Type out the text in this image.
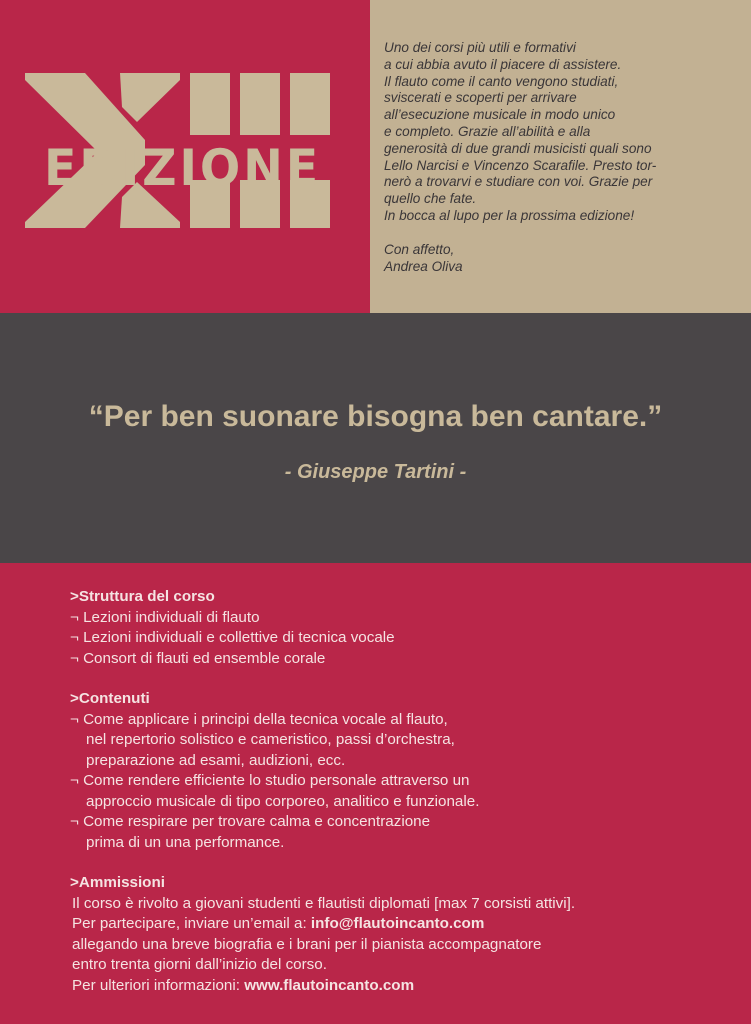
EDIZIONE
Uno dei corsi più utili e formativi
a cui abbia avuto il piacere di assistere.
Il flauto come il canto vengono studiati,
sviscerati e scoperti per arrivare
all’esecuzione musicale in modo unico
e completo. Grazie all’abilità e alla
generosità di due grandi musicisti quali sono
Lello Narcisi e Vincenzo Scarafile. Presto tor-
nerò a trovarvi e studiare con voi. Grazie per
quello che fate.
In bocca al lupo per la prossima edizione!
Con affetto,
Andrea Oliva
“Per ben suonare bisogna ben cantare.”
- Giuseppe Tartini -
>Struttura del corso
¬ Lezioni individuali di flauto
¬ Lezioni individuali e collettive di tecnica vocale
¬ Consort di flauti ed ensemble corale
>Contenuti
¬ Come applicare i principi della tecnica vocale al flauto,
nel repertorio solistico e cameristico, passi d’orchestra,
preparazione ad esami, audizioni, ecc.
¬ Come rendere efficiente lo studio personale attraverso un
approccio musicale di tipo corporeo, analitico e funzionale.
¬ Come respirare per trovare calma e concentrazione
prima di un una performance.
>Ammissioni
Il corso è rivolto a giovani studenti e flautisti diplomati [max 7 corsisti attivi].
Per partecipare, inviare un’email a: info@flautoincanto.com
allegando una breve biografia e i brani per il pianista accompagnatore
entro trenta giorni dall’inizio del corso.
Per ulteriori informazioni: www.flautoincanto.com
